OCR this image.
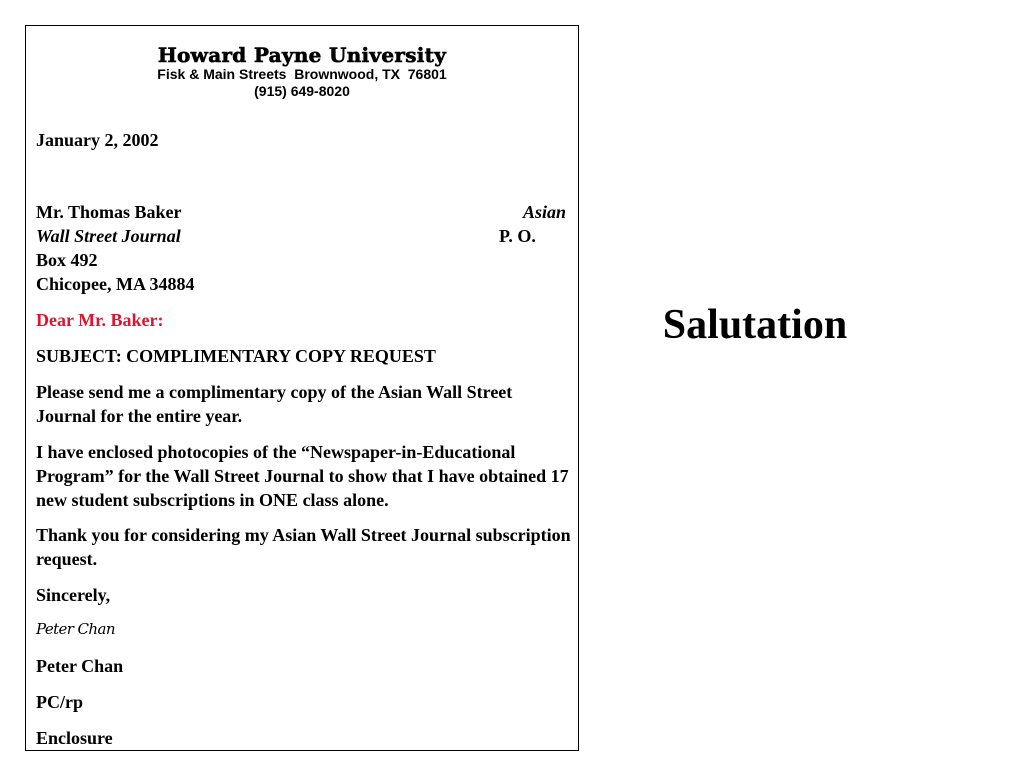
Howard Payne University
Fisk & Main Streets  Brownwood, TX  76801
(915) 649-8020
January 2, 2002
Mr. Thomas Baker	Asian
Wall Street Journal	P. O.
Box 492
Chicopee, MA 34884
Dear Mr. Baker:
SUBJECT: COMPLIMENTARY COPY REQUEST
Please send me a complimentary copy of the Asian Wall Street Journal for the entire year.
I have enclosed photocopies of the “Newspaper-in-Educational Program” for the Wall Street Journal to show that I have obtained 17 new student subscriptions in ONE class alone.
Thank you for considering my Asian Wall Street Journal subscription request.
Sincerely,
Peter Chan
Peter Chan
PC/rp
Enclosure
Salutation
